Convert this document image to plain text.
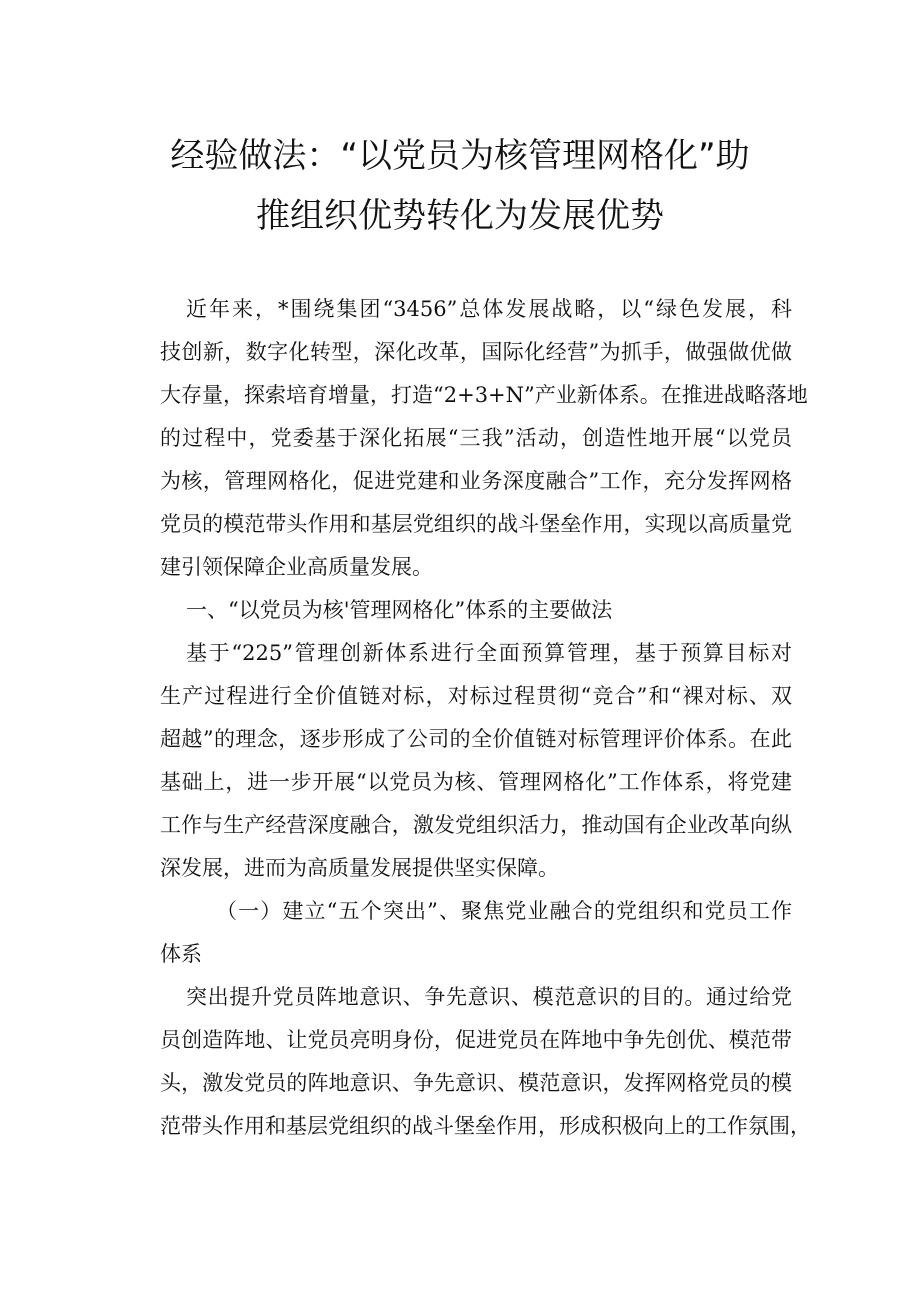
经验做法：“以党员为核管理网格化”助
推组织优势转化为发展优势
近年来，*围绕集团“3456”总体发展战略，以“绿色发展，科
技创新，数字化转型，深化改革，国际化经营”为抓手，做强做优做
大存量，探索培育增量，打造“2+3+N”产业新体系。在推进战略落地
的过程中，党委基于深化拓展“三我”活动，创造性地开展“以党员
为核，管理网格化，促进党建和业务深度融合”工作，充分发挥网格
党员的模范带头作用和基层党组织的战斗堡垒作用，实现以高质量党
建引领保障企业高质量发展。
一、“以党员为核'管理网格化”体系的主要做法
基于“225”管理创新体系进行全面预算管理，基于预算目标对
生产过程进行全价值链对标，对标过程贯彻“竞合”和“裸对标、双
超越”的理念，逐步形成了公司的全价值链对标管理评价体系。在此
基础上，进一步开展“以党员为核、管理网格化”工作体系，将党建
工作与生产经营深度融合，激发党组织活力，推动国有企业改革向纵
深发展，进而为高质量发展提供坚实保障。
（一）建立“五个突出”、聚焦党业融合的党组织和党员工作
体系
突出提升党员阵地意识、争先意识、模范意识的目的。通过给党
员创造阵地、让党员亮明身份，促进党员在阵地中争先创优、模范带
头，激发党员的阵地意识、争先意识、模范意识，发挥网格党员的模
范带头作用和基层党组织的战斗堡垒作用，形成积极向上的工作氛围，
